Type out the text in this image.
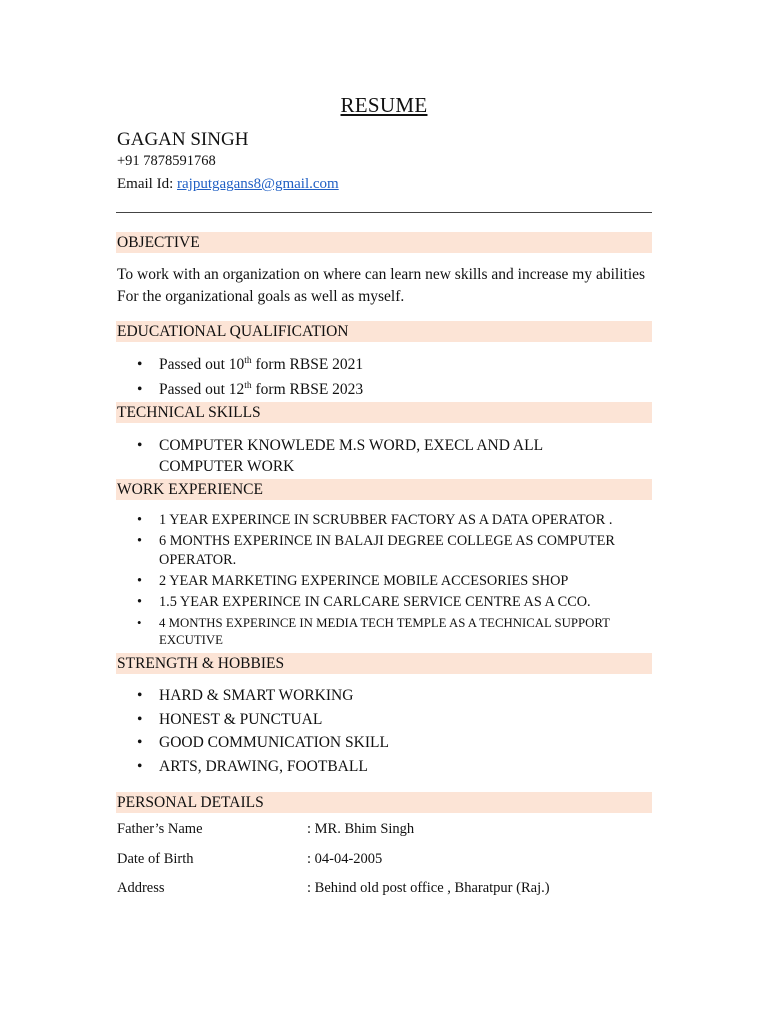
RESUME
GAGAN SINGH
+91 7878591768
Email Id: rajputgagans8@gmail.com
OBJECTIVE
To work with an organization on where can learn new skills and increase my abilities For the organizational goals as well as myself.
EDUCATIONAL QUALIFICATION
• Passed out 10th form RBSE 2021
• Passed out 12th form RBSE 2023
TECHNICAL SKILLS
• COMPUTER KNOWLEDE M.S WORD, EXECL AND ALL COMPUTER WORK
WORK EXPERIENCE
• 1 YEAR EXPERINCE IN SCRUBBER FACTORY AS A DATA OPERATOR .
• 6 MONTHS EXPERINCE IN BALAJI DEGREE COLLEGE AS COMPUTER OPERATOR.
• 2 YEAR MARKETING EXPERINCE MOBILE ACCESORIES SHOP
• 1.5 YEAR EXPERINCE IN CARLCARE SERVICE CENTRE AS A CCO.
• 4 MONTHS EXPERINCE IN MEDIA TECH TEMPLE AS A TECHNICAL SUPPORT EXCUTIVE
STRENGTH & HOBBIES
• HARD & SMART WORKING
• HONEST & PUNCTUAL
• GOOD COMMUNICATION SKILL
• ARTS, DRAWING, FOOTBALL
PERSONAL DETAILS
Father’s Name	: MR. Bhim Singh
Date of Birth	: 04-04-2005
Address	: Behind old post office , Bharatpur (Raj.)
